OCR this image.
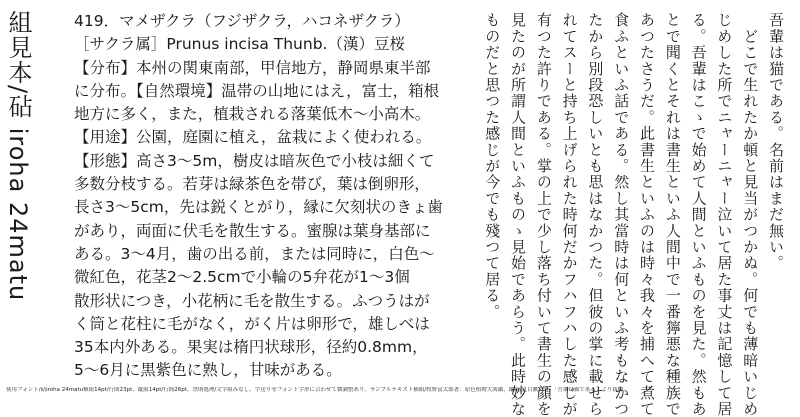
組見本/砧 iroha 24matu	419．マメザクラ（フジザクラ，ハコネザクラ）
［サクラ属］Prunus incisa Thunb.（漢）豆桜
【分布】本州の関東南部，甲信地方，静岡県東半部
に分布。【自然環境】温帯の山地にはえ，富士，箱根
地方に多く，また，植栽される落葉低木～小高木。
【用途】公園，庭園に植え，盆栽によく使われる。
【形態】高さ3～5m，樹皮は暗灰色で小枝は細くて
多数分枝する。若芽は緑茶色を帯び，葉は倒卵形，
長さ3～5cm，先は鋭くとがり，縁に欠刻状のきょ歯
があり，両面に伏毛を散生する。蜜腺は葉身基部に
ある。3～4月，歯の出る前，または同時に，白色～
微紅色，花茎2～2.5cmで小輪の5弁花が1～3個
散形状につき，小花柄に毛を散生する。ふつうはが
く筒と花柱に毛がなく，がく片は卵形で，雄しべは
35本内外ある。果実は楕円状球形，径約0.8mm，
5～6月に黒紫色に熟し，甘味がある。
吾輩は猫である。名前はまだ無い。
　どこで生れたか頓と見当がつかぬ。何でも薄暗いじめ
じめした所でニャーニャー泣いて居た事丈は記憶して居
る。吾輩はこゝで始めて人間といふものを見た。然もあ
とで聞くとそれは書生といふ人間中で一番獰悪な種族で
あつたさうだ。此書生といふのは時々我々を捕へて煮て
食ふといふ話である。然し其當時は何といふ考もなかつ
たから別段恐しいとも思はなかつた。但彼の掌に載せら
れてスーと持ち上げられた時何だかフハフハした感じが
有つた許りである。掌の上で少し落ち付いて書生の顔を
見たのが所謂人間といふものゝ見始であらう。此時妙な
ものだと思つた感じが今でも殘つて居る。
使用フォント/砧iroha 24matu横組14pt/行間23pt、縦組14pt/行間26pt、禁則処理/文字組みなし、字送り等フォント字形に合わせて微調整あり。サンプルテキスト横組/牧野富太郎著：原色植物大図鑑、縦組/夏目漱石著：「吾輩は猫である」より抜粋。
